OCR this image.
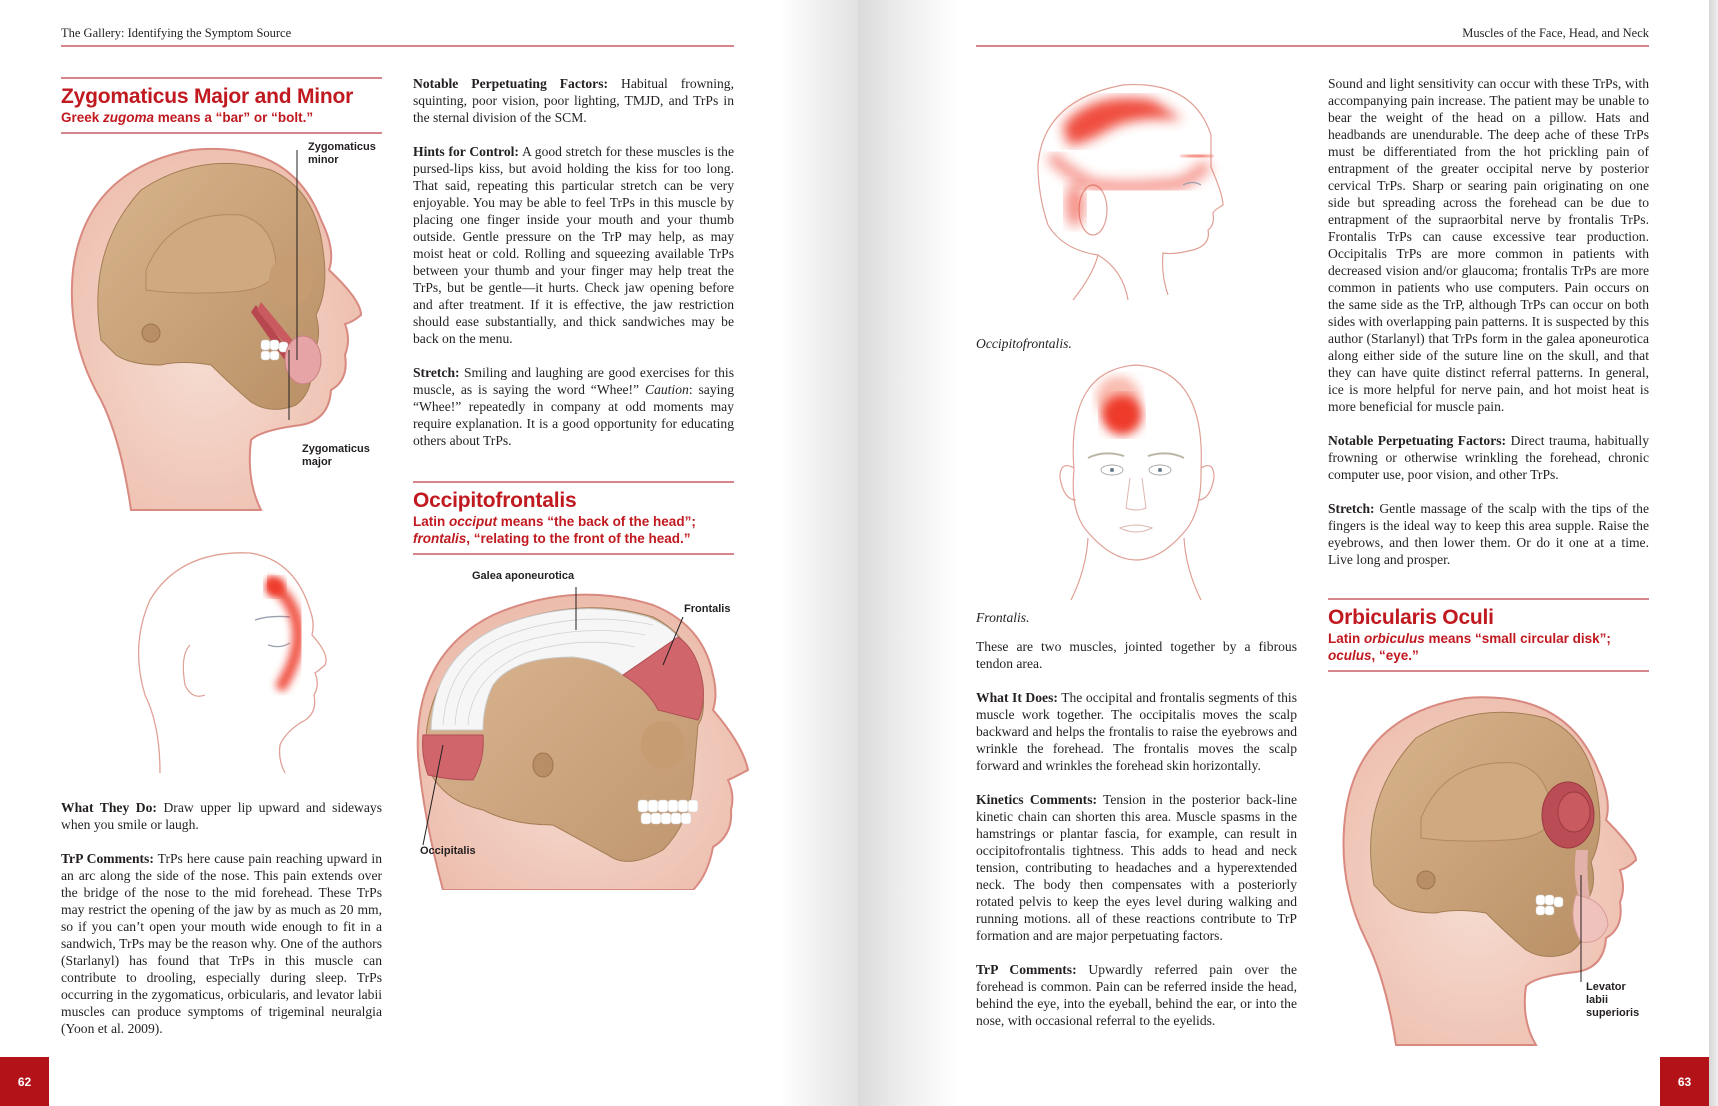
The Gallery: Identifying the Symptom Source
Zygomaticus Major and Minor
Greek zugoma means a “bar” or “bolt.”
Zygomaticus
minor
Zygomaticus
major

What They Do: Draw upper lip upward and sideways when you smile or laugh.

TrP Comments: TrPs here cause pain reaching upward in an arc along the side of the nose. This pain extends over the bridge of the nose to the mid forehead. These TrPs may restrict the opening of the jaw by as much as 20 mm, so if you can’t open your mouth wide enough to fit in a sandwich, TrPs may be the reason why. One of the authors (Starlanyl) has found that TrPs in this muscle can contribute to drooling, especially during sleep. TrPs occurring in the zygomaticus, orbicularis, and levator labii muscles can produce symptoms of trigeminal neuralgia (Yoon et al. 2009).

Notable Perpetuating Factors: Habitual frowning, squinting, poor vision, poor lighting, TMJD, and TrPs in the sternal division of the SCM.

Hints for Control: A good stretch for these muscles is the pursed-lips kiss, but avoid holding the kiss for too long. That said, repeating this particular stretch can be very enjoyable. You may be able to feel TrPs in this muscle by placing one finger inside your mouth and your thumb outside. Gentle pressure on the TrP may help, as may moist heat or cold. Rolling and squeezing available TrPs between your thumb and your finger may help treat the TrPs, but be gentle—it hurts. Check jaw opening before and after treatment. If it is effective, the jaw restriction should ease substantially, and thick sandwiches may be back on the menu.

Stretch: Smiling and laughing are good exercises for this muscle, as is saying the word “Whee!” Caution: saying “Whee!” repeatedly in company at odd moments may require explanation. It is a good opportunity for educating others about TrPs.

Occipitofrontalis
Latin occiput means “the back of the head”;
frontalis, “relating to the front of the head.”
Galea aponeurotica
Frontalis
Occipitalis
62
Muscles of the Face, Head, and Neck
Occipitofrontalis.
Frontalis.

These are two muscles, jointed together by a fibrous tendon area.

What It Does: The occipital and frontalis segments of this muscle work together. The occipitalis moves the scalp backward and helps the frontalis to raise the eyebrows and wrinkle the forehead. The frontalis moves the scalp forward and wrinkles the forehead skin horizontally.

Kinetics Comments: Tension in the posterior back-line kinetic chain can shorten this area. Muscle spasms in the hamstrings or plantar fascia, for example, can result in occipitofrontalis tightness. This adds to head and neck tension, contributing to headaches and a hyperextended neck. The body then compensates with a posteriorly rotated pelvis to keep the eyes level during walking and running motions. all of these reactions contribute to TrP formation and are major perpetuating factors.

TrP Comments: Upwardly referred pain over the forehead is common. Pain can be referred inside the head, behind the eye, into the eyeball, behind the ear, or into the nose, with occasional referral to the eyelids.

Sound and light sensitivity can occur with these TrPs, with accompanying pain increase. The patient may be unable to bear the weight of the head on a pillow. Hats and headbands are unendurable. The deep ache of these TrPs must be differentiated from the hot prickling pain of entrapment of the greater occipital nerve by posterior cervical TrPs. Sharp or searing pain originating on one side but spreading across the forehead can be due to entrapment of the supraorbital nerve by frontalis TrPs. Frontalis TrPs can cause excessive tear production. Occipitalis TrPs are more common in patients with decreased vision and/or glaucoma; frontalis TrPs are more common in patients who use computers. Pain occurs on the same side as the TrP, although TrPs can occur on both sides with overlapping pain patterns. It is suspected by this author (Starlanyl) that TrPs form in the galea aponeurotica along either side of the suture line on the skull, and that they can have quite distinct referral patterns. In general, ice is more helpful for nerve pain, and hot moist heat is more beneficial for muscle pain.

Notable Perpetuating Factors: Direct trauma, habitually frowning or otherwise wrinkling the forehead, chronic computer use, poor vision, and other TrPs.

Stretch: Gentle massage of the scalp with the tips of the fingers is the ideal way to keep this area supple. Raise the eyebrows, and then lower them. Or do it one at a time. Live long and prosper.

Orbicularis Oculi
Latin orbiculus means “small circular disk”;
oculus, “eye.”
Levator
labii
superioris
63
